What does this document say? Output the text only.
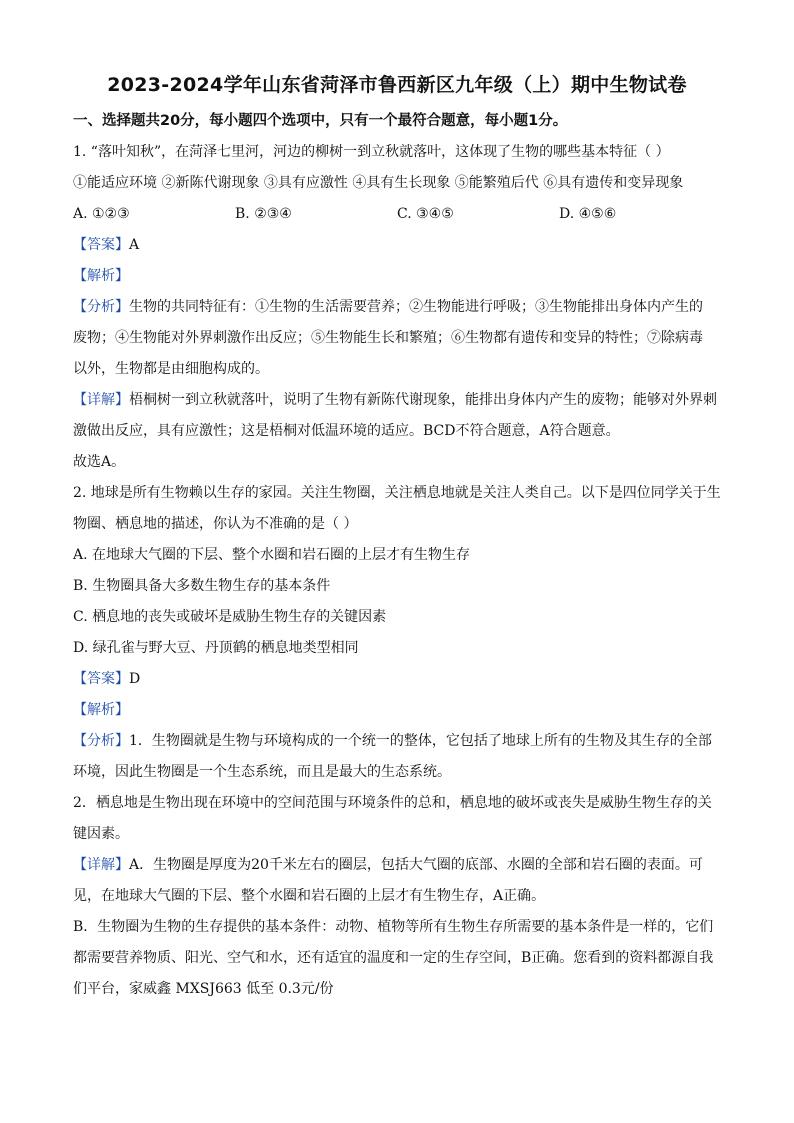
2023-2024学年山东省菏泽市鲁西新区九年级（上）期中生物试卷
一、选择题共20分，每小题四个选项中，只有一个最符合题意，每小题1分。
1. “落叶知秋”，在菏泽七里河，河边的柳树一到立秋就落叶，这体现了生物的哪些基本特征（ ）
①能适应环境 ②新陈代谢现象 ③具有应激性 ④具有生长现象 ⑤能繁殖后代 ⑥具有遗传和变异现象
A. ①②③	B. ②③④	C. ③④⑤	D. ④⑤⑥
【答案】A
【解析】
【分析】生物的共同特征有：①生物的生活需要营养；②生物能进行呼吸；③生物能排出身体内产生的
废物；④生物能对外界刺激作出反应；⑤生物能生长和繁殖；⑥生物都有遗传和变异的特性；⑦除病毒
以外，生物都是由细胞构成的。
【详解】梧桐树一到立秋就落叶，说明了生物有新陈代谢现象，能排出身体内产生的废物；能够对外界刺
激做出反应，具有应激性；这是梧桐对低温环境的适应。BCD不符合题意，A符合题意。
故选A。
2. 地球是所有生物赖以生存的家园。关注生物圈，关注栖息地就是关注人类自己。以下是四位同学关于生
物圈、栖息地的描述，你认为不准确的是（ ）
A. 在地球大气圈的下层、整个水圈和岩石圈的上层才有生物生存
B. 生物圈具备大多数生物生存的基本条件
C. 栖息地的丧失或破坏是威胁生物生存的关键因素
D. 绿孔雀与野大豆、丹顶鹤的栖息地类型相同
【答案】D
【解析】
【分析】1．生物圈就是生物与环境构成的一个统一的整体，它包括了地球上所有的生物及其生存的全部
环境，因此生物圈是一个生态系统，而且是最大的生态系统。
2．栖息地是生物出现在环境中的空间范围与环境条件的总和，栖息地的破坏或丧失是威胁生物生存的关
键因素。
【详解】A．生物圈是厚度为20千米左右的圈层，包括大气圈的底部、水圈的全部和岩石圈的表面。可
见，在地球大气圈的下层、整个水圈和岩石圈的上层才有生物生存，A正确。
B．生物圈为生物的生存提供的基本条件：动物、植物等所有生物生存所需要的基本条件是一样的，它们
都需要营养物质、阳光、空气和水，还有适宜的温度和一定的生存空间，B正确。您看到的资料都源自我
们平台，家威鑫 MXSJ663 低至 0.3元/份
